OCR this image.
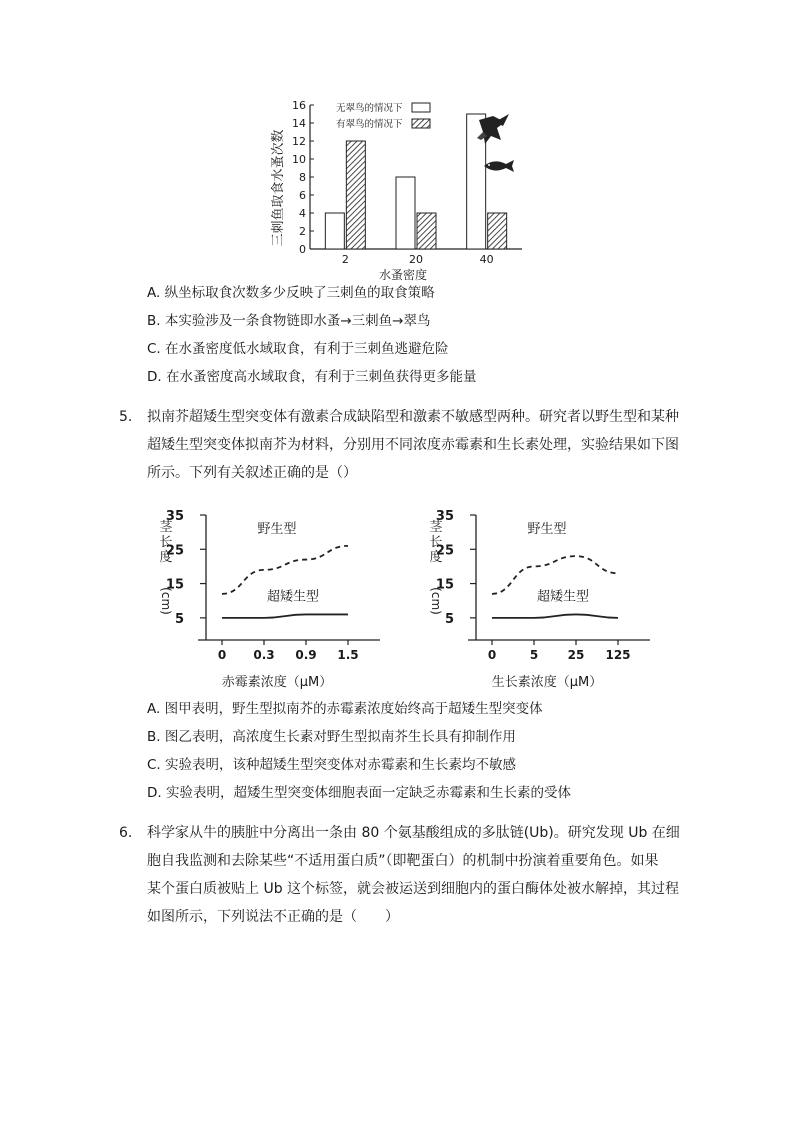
三刺鱼取食水蚤次数
0
2
4
6
8
10
12
14
16
2	20	40
水蚤密度
无翠鸟的情况下
有翠鸟的情况下
A. 纵坐标取食次数多少反映了三刺鱼的取食策略
B. 本实验涉及一条食物链即水蚤→三刺鱼→翠鸟
C. 在水蚤密度低水域取食，有利于三刺鱼逃避危险
D. 在水蚤密度高水域取食，有利于三刺鱼获得更多能量
5. 拟南芥超矮生型突变体有激素合成缺陷型和激素不敏感型两种。研究者以野生型和某种
超矮生型突变体拟南芥为材料，分别用不同浓度赤霉素和生长素处理，实验结果如下图
所示。下列有关叙述正确的是（）
茎长度
(cm)
5
15
25
35
0 0.3 0.9 1.5
赤霉素浓度（μM）
野生型
超矮生型
茎长度
(cm)
5
15
25
35
0	5 25 125
生长素浓度（μM）
野生型
超矮生型
A. 图甲表明，野生型拟南芥的赤霉素浓度始终高于超矮生型突变体
B. 图乙表明，高浓度生长素对野生型拟南芥生长具有抑制作用
C. 实验表明，该种超矮生型突变体对赤霉素和生长素均不敏感
D. 实验表明，超矮生型突变体细胞表面一定缺乏赤霉素和生长素的受体
6. 科学家从牛的胰脏中分离出一条由 80 个氨基酸组成的多肽链(Ub)。研究发现 Ub 在细
胞自我监测和去除某些“不适用蛋白质”（即靶蛋白）的机制中扮演着重要角色。如果
某个蛋白质被贴上 Ub 这个标签，就会被运送到细胞内的蛋白酶体处被水解掉，其过程
如图所示，下列说法不正确的是（　　）
